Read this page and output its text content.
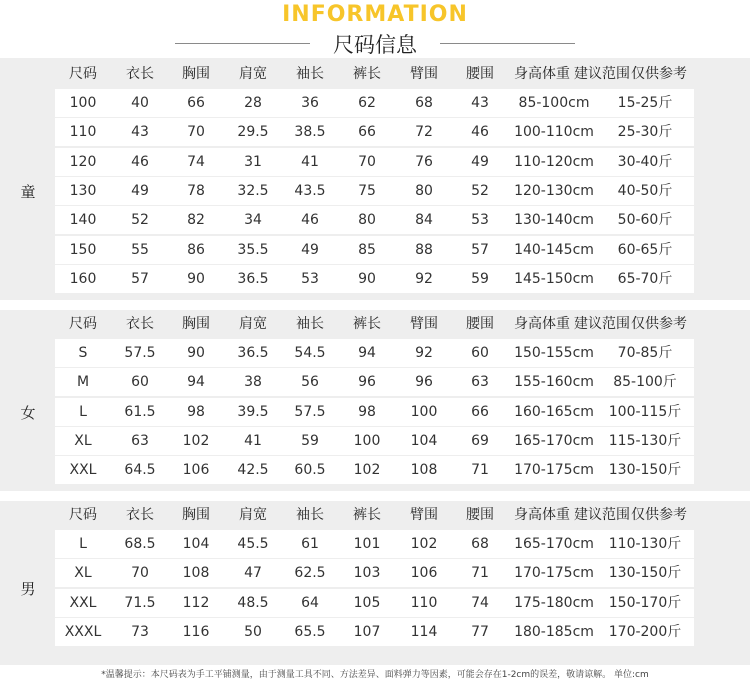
INFORMATION
尺码信息
尺码	衣长	胸围	肩宽	袖长	裤长	臂围	腰围	身高体重 建议范围 仅供参考
100	40	66	28	36	62	68	43	85-100cm	15-25斤
110	43	70	29.5	38.5	66	72	46	100-110cm	25-30斤
120	46	74	31	41	70	76	49	110-120cm	30-40斤
130	49	78	32.5	43.5	75	80	52	120-130cm	40-50斤
140	52	82	34	46	80	84	53	130-140cm	50-60斤
150	55	86	35.5	49	85	88	57	140-145cm	60-65斤
160	57	90	36.5	53	90	92	59	145-150cm	65-70斤
童
尺码	衣长	胸围	肩宽	袖长	裤长	臂围	腰围	身高体重 建议范围 仅供参考
S	57.5	90	36.5	54.5	94	92	60	150-155cm	70-85斤
M	60	94	38	56	96	96	63	155-160cm	85-100斤
L	61.5	98	39.5	57.5	98	100	66	160-165cm	100-115斤
XL	63	102	41	59	100	104	69	165-170cm	115-130斤
XXL	64.5	106	42.5	60.5	102	108	71	170-175cm	130-150斤
女
尺码	衣长	胸围	肩宽	袖长	裤长	臂围	腰围	身高体重 建议范围 仅供参考
L	68.5	104	45.5	61	101	102	68	165-170cm	110-130斤
XL	70	108	47	62.5	103	106	71	170-175cm	130-150斤
XXL	71.5	112	48.5	64	105	110	74	175-180cm	150-170斤
XXXL	73	116	50	65.5	107	114	77	180-185cm	170-200斤
男
*温馨提示：本尺码表为手工平铺测量，由于测量工具不同、方法差异、面料弹力等因素，可能会存在1-2cm的误差，敬请谅解。 单位:cm
